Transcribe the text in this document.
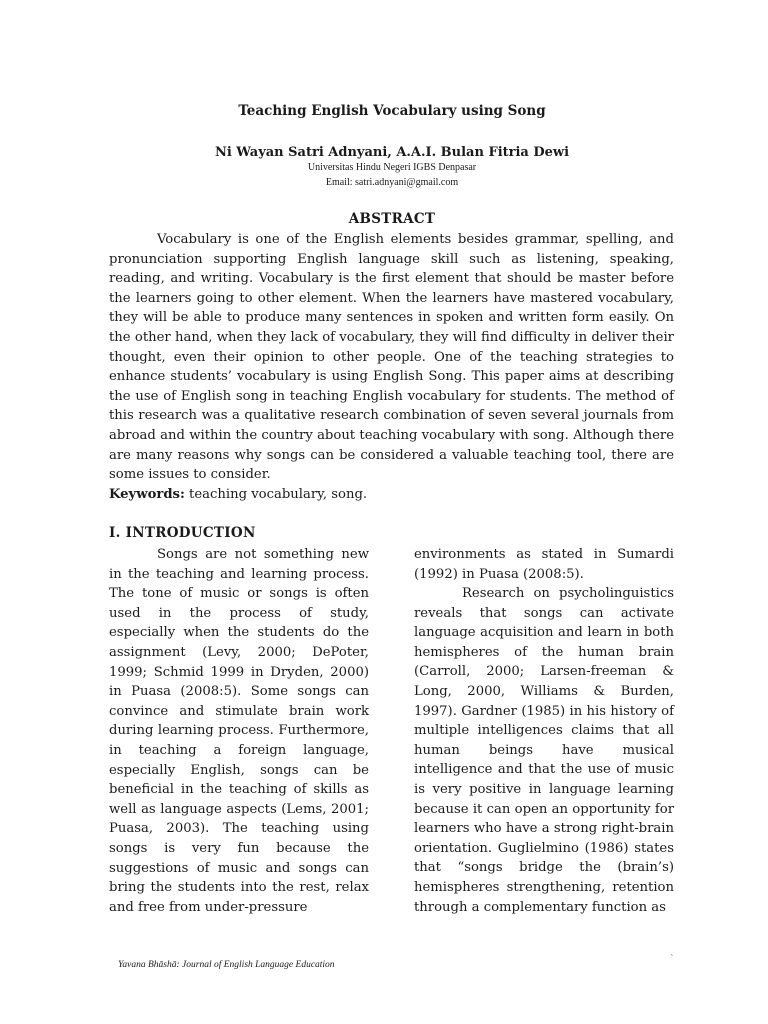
Teaching English Vocabulary using Song
Ni Wayan Satri Adnyani, A.A.I. Bulan Fitria Dewi
Universitas Hindu Negeri IGBS Denpasar
Email: satri.adnyani@gmail.com
ABSTRACT

Vocabulary is one of the English elements besides grammar, spelling, and pronunciation supporting English language skill such as listening, speaking, reading, and writing. Vocabulary is the first element that should be master before the learners going to other element. When the learners have mastered vocabulary, they will be able to produce many sentences in spoken and written form easily. On the other hand, when they lack of vocabulary, they will find difficulty in deliver their thought, even their opinion to other people. One of the teaching strategies to enhance students’ vocabulary is using English Song. This paper aims at describing the use of English song in teaching English vocabulary for students. The method of this research was a qualitative research combination of seven several journals from abroad and within the country about teaching vocabulary with song. Although there are many reasons why songs can be considered a valuable teaching tool, there are some issues to consider.

Keywords: teaching vocabulary, song.

I. INTRODUCTION

Songs are not something new in the teaching and learning process. The tone of music or songs is often used in the process of study, especially when the students do the assignment (Levy, 2000; DePoter, 1999; Schmid 1999 in Dryden, 2000) in Puasa (2008:5). Some songs can convince and stimulate brain work during learning process. Furthermore, in teaching a foreign language, especially English, songs can be beneficial in the teaching of skills as well as language aspects (Lems, 2001; Puasa, 2003). The teaching using songs is very fun because the suggestions of music and songs can bring the students into the rest, relax and free from under-pressure

environments as stated in Sumardi (1992) in Puasa (2008:5).

Research on psycholinguistics reveals that songs can activate language acquisition and learn in both hemispheres of the human brain (Carroll, 2000; Larsen-freeman & Long, 2000, Williams & Burden, 1997). Gardner (1985) in his history of multiple intelligences claims that all human beings have musical intelligence and that the use of music is very positive in language learning because it can open an opportunity for learners who have a strong right-brain orientation. Guglielmino (1986) states that “songs bridge the (brain’s) hemispheres strengthening, retention through a complementary function as

Yavana Bhāshā: Journal of English Language Education	`
